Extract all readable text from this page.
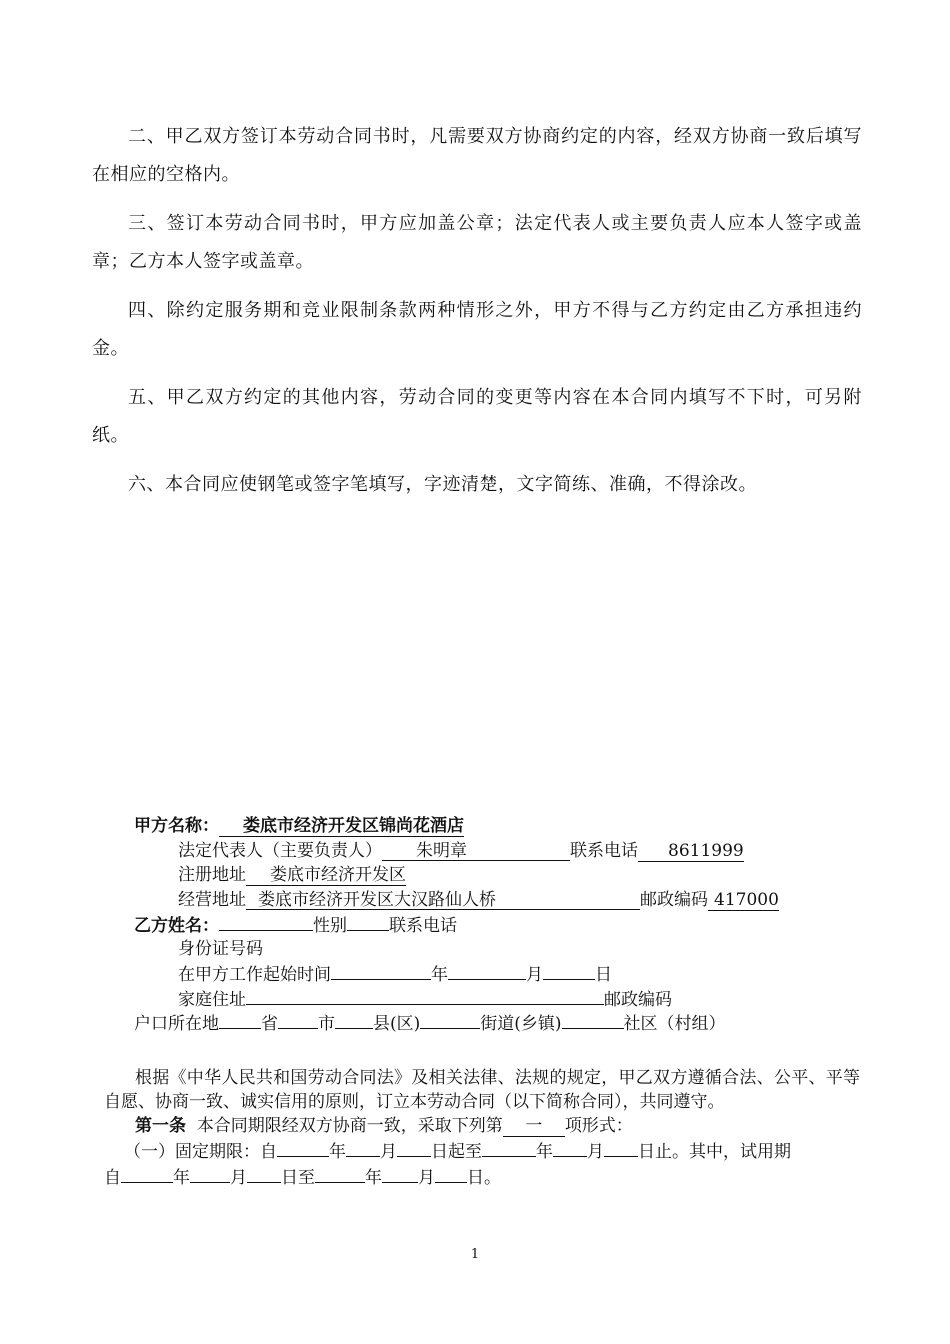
二、甲乙双方签订本劳动合同书时，凡需要双方协商约定的内容，经双方协商一致后填写在相应的空格内。

三、签订本劳动合同书时，甲方应加盖公章；法定代表人或主要负责人应本人签字或盖章；乙方本人签字或盖章。

四、除约定服务期和竞业限制条款两种情形之外，甲方不得与乙方约定由乙方承担违约金。

五、甲乙双方约定的其他内容，劳动合同的变更等内容在本合同内填写不下时，可另附纸。

六、本合同应使钢笔或签字笔填写，字迹清楚，文字简练、准确，不得涂改。

甲方名称： 娄底市经济开发区锦尚花酒店
法定代表人（主要负责人） 朱明章	联系电话 8611999
注册地址 娄底市经济开发区
经营地址 娄底市经济开发区大汉路仙人桥	邮政编码 417000
乙方姓名：	性别 联系电话
身份证号码
在甲方工作起始时间	年	月	日
家庭住址	邮政编码
户口所在地 省 市 县(区)	街道(乡镇)	社区（村组）

根据《中华人民共和国劳动合同法》及相关法律、法规的规定，甲乙双方遵循合法、公平、平等自愿、协商一致、诚实信用的原则，订立本劳动合同（以下简称合同），共同遵守。

第一条 本合同期限经双方协商一致，采取下列第 一 项形式：
（一）固定期限：自	年 月 日起至	年 月 日止。其中，试用期
自	年 月 日至	年 月 日。
1
